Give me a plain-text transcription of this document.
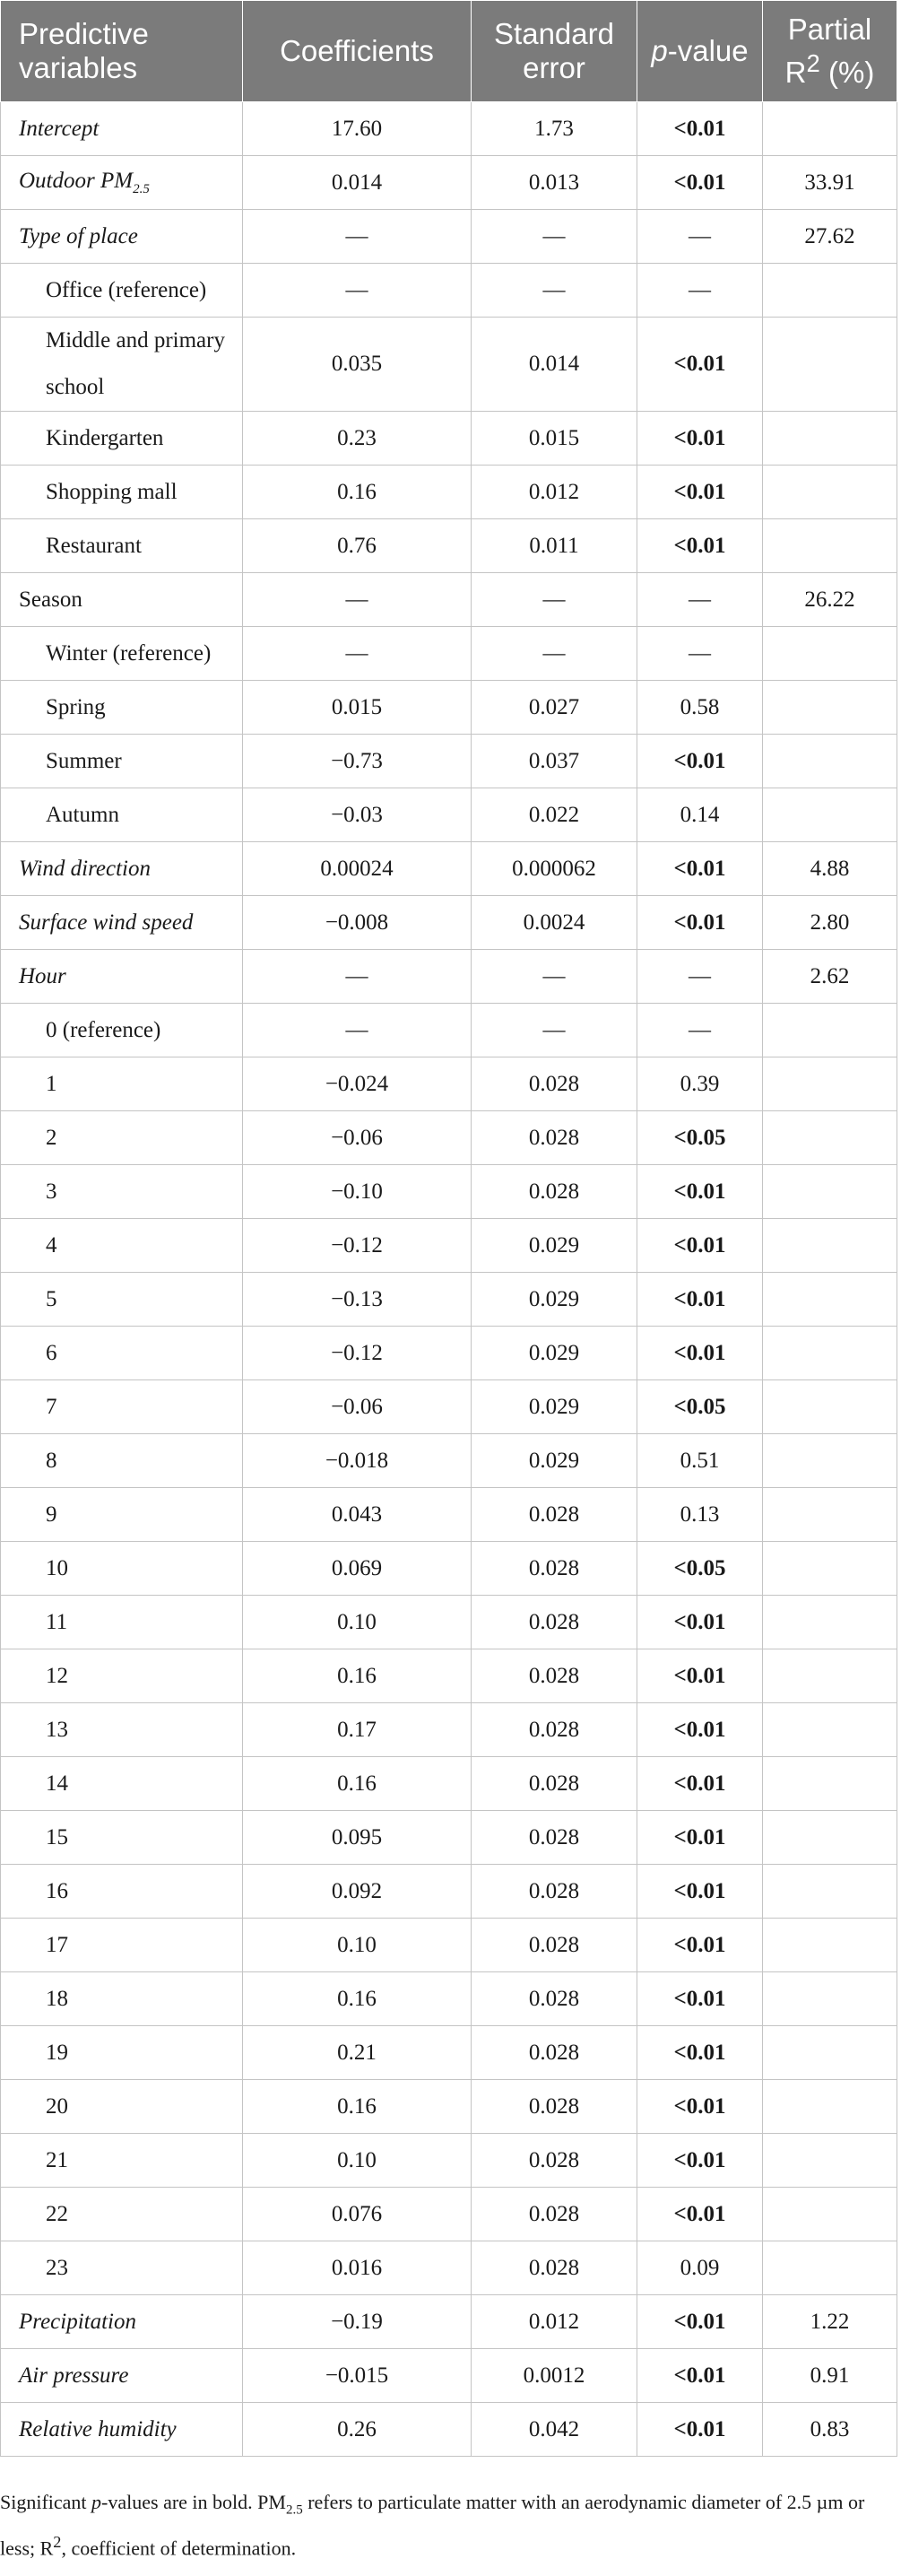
Predictive variables	Coefficients	Standard error	p-value	Partial
$R^2$ (%)
Intercept	17.60	1.73	<0.01	
Outdoor $PM_{2.5}$	0.014	0.013	<0.01	33.91
Type of place	—	—	—	27.62
Office (reference)	—	—	—	
Middle and primary school	0.035	0.014	<0.01	
Kindergarten	0.23	0.015	<0.01	
Shopping mall	0.16	0.012	<0.01	
Restaurant	0.76	0.011	<0.01	
Season	—	—	—	26.22
Winter (reference)	—	—	—	
Spring	0.015	0.027	0.58	
Summer	−0.73	0.037	<0.01	
Autumn	−0.03	0.022	0.14	
Wind direction	0.00024	0.000062	<0.01	4.88
Surface wind speed	−0.008	0.0024	<0.01	2.80
Hour	—	—	—	2.62
0 (reference)	—	—	—	
1	−0.024	0.028	0.39	
2	−0.06	0.028	<0.05	
3	−0.10	0.028	<0.01	
4	−0.12	0.029	<0.01	
5	−0.13	0.029	<0.01	
6	−0.12	0.029	<0.01	
7	−0.06	0.029	<0.05	
8	−0.018	0.029	0.51	
9	0.043	0.028	0.13	
10	0.069	0.028	<0.05	
11	0.10	0.028	<0.01	
12	0.16	0.028	<0.01	
13	0.17	0.028	<0.01	
14	0.16	0.028	<0.01	
15	0.095	0.028	<0.01	
16	0.092	0.028	<0.01	
17	0.10	0.028	<0.01	
18	0.16	0.028	<0.01	
19	0.21	0.028	<0.01	
20	0.16	0.028	<0.01	
21	0.10	0.028	<0.01	
22	0.076	0.028	<0.01	
23	0.016	0.028	0.09	
Precipitation	−0.19	0.012	<0.01	1.22
Air pressure	−0.015	0.0012	<0.01	0.91
Relative humidity	0.26	0.042	<0.01	0.83
Significant p-values are in bold. $PM_{2.5}$ refers to particulate matter with an aerodynamic diameter of 2.5 µm or less; $R^2$, coefficient of determination.
